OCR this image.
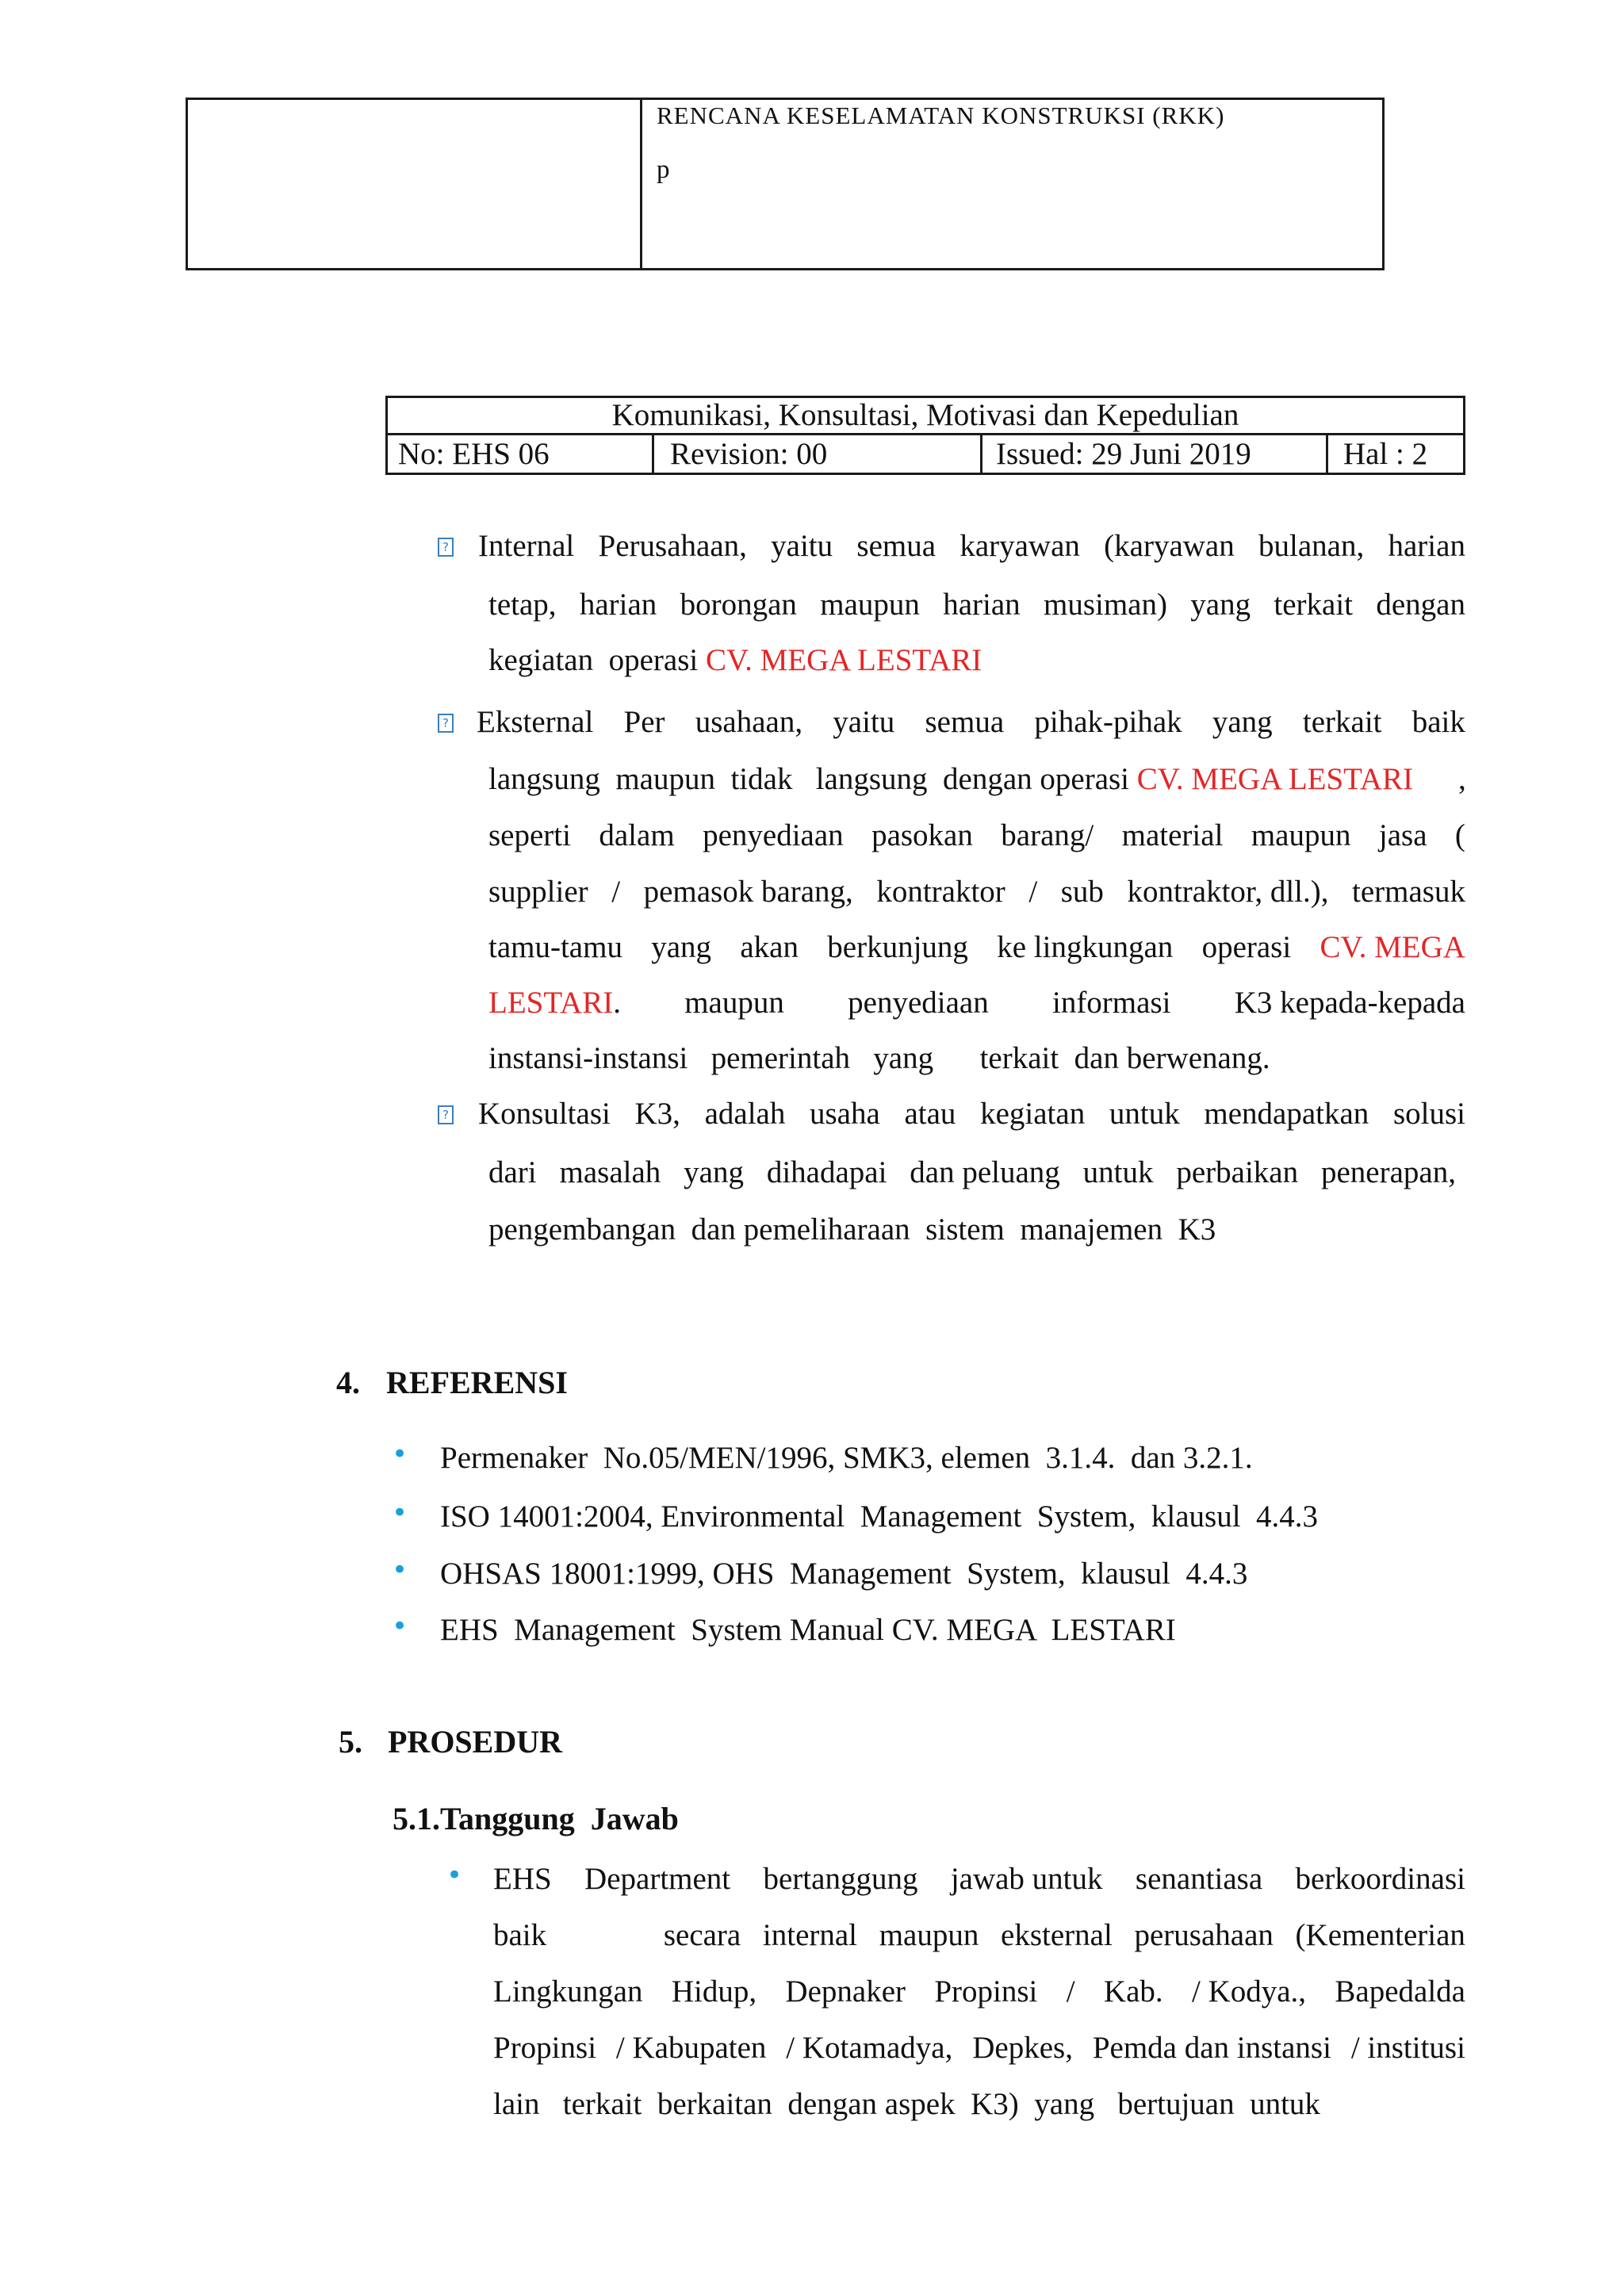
RENCANA KESELAMATAN KONSTRUKSI (RKK)
p
Komunikasi, Konsultasi, Motivasi dan Kepedulian
No: EHS 06	Revision: 00	Issued: 29 Juni 2019	Hal : 2
? Internal Perusahaan, yaitu semua karyawan (karyawan bulanan, harian
tetap, harian borongan maupun harian musiman) yang terkait dengan
kegiatan  operasi CV. MEGA LESTARI
? Eksternal Per usahaan, yaitu semua pihak-pihak yang terkait baik
langsung  maupun  tidak   langsung  dengan operasi CV. MEGA LESTARI ,
seperti dalam penyediaan pasokan barang/ material maupun jasa (
supplier / pemasok barang, kontraktor / sub kontraktor, dll.), termasuk
tamu-tamu yang akan berkunjung ke lingkungan operasi CV. MEGA
LESTARI. maupun penyediaan informasi K3 kepada-kepada
instansi-instansi   pemerintah   yang      terkait  dan berwenang.
? Konsultasi K3, adalah usaha atau kegiatan untuk mendapatkan solusi
dari masalah yang dihadapai dan peluang untuk perbaikan penerapan,
pengembangan  dan pemeliharaan  sistem  manajemen  K3
4. REFERENSI
• Permenaker  No.05/MEN/1996, SMK3, elemen  3.1.4.  dan 3.2.1.
• ISO 14001:2004, Environmental  Management  System,  klausul  4.4.3
• OHSAS 18001:1999, OHS  Management  System,  klausul  4.4.3
• EHS  Management  System Manual CV. MEGA  LESTARI
5. PROSEDUR
5.1.Tanggung  Jawab
• EHS Department bertanggung jawab untuk senantiasa berkoordinasi
baik	secara internal maupun eksternal perusahaan (Kementerian
Lingkungan Hidup, Depnaker Propinsi / Kab. / Kodya., Bapedalda
Propinsi / Kabupaten / Kotamadya, Depkes, Pemda dan instansi / institusi
lain   terkait  berkaitan  dengan aspek  K3)  yang   bertujuan  untuk
